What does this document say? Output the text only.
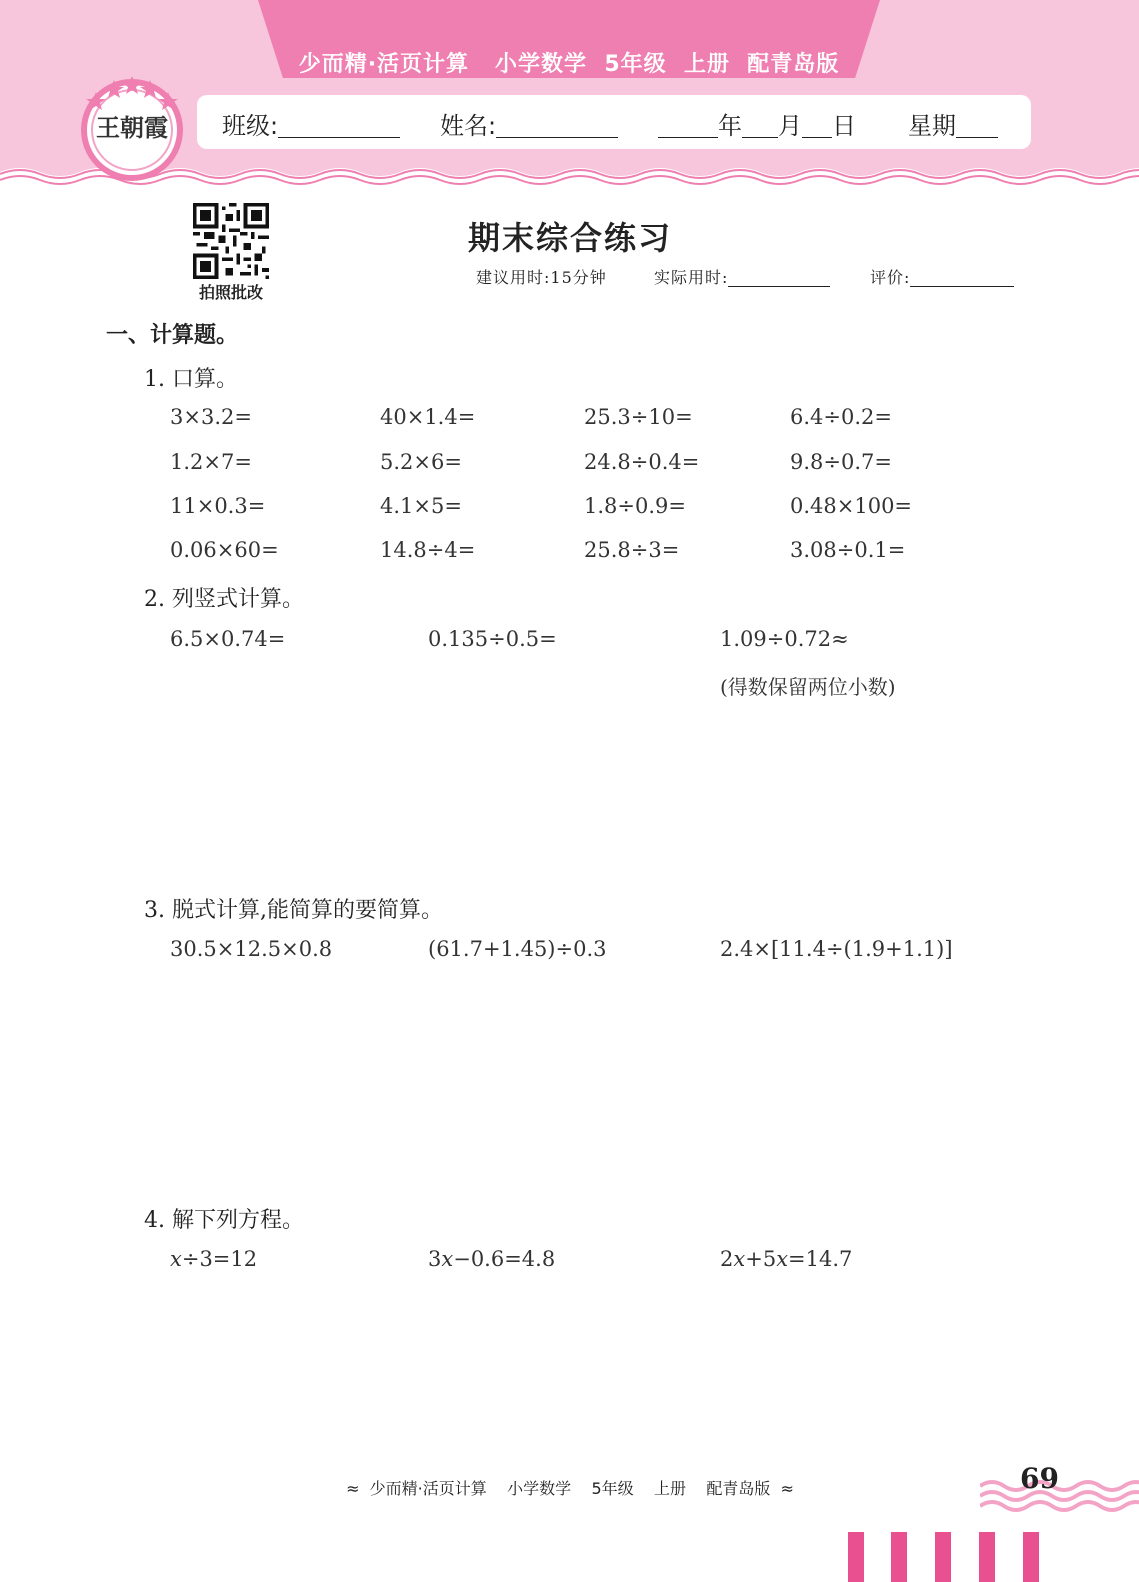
少而精·活页计算   小学数学  5年级  上册  配青岛版
班级:	姓名:	年 月 日 星期
王朝霞
拍照批改
期末综合练习
建议用时:15分钟	实际用时:	评价:
一、计算题。
1. 口算。
3×3.2=	40×1.4=	25.3÷10=	6.4÷0.2=
1.2×7=	5.2×6=	24.8÷0.4=	9.8÷0.7=
11×0.3=	4.1×5=	1.8÷0.9=	0.48×100=
0.06×60=	14.8÷4=	25.8÷3=	3.08÷0.1=
2. 列竖式计算。
6.5×0.74=	0.135÷0.5=	1.09÷0.72≈
(得数保留两位小数)
3. 脱式计算,能简算的要简算。
30.5×12.5×0.8	(61.7+1.45)÷0.3	2.4×[11.4÷(1.9+1.1)]
4. 解下列方程。
x÷3=12	3x−0.6=4.8	2x+5x=14.7
≈  少而精·活页计算    小学数学    5年级    上册    配青岛版  ≈	69
